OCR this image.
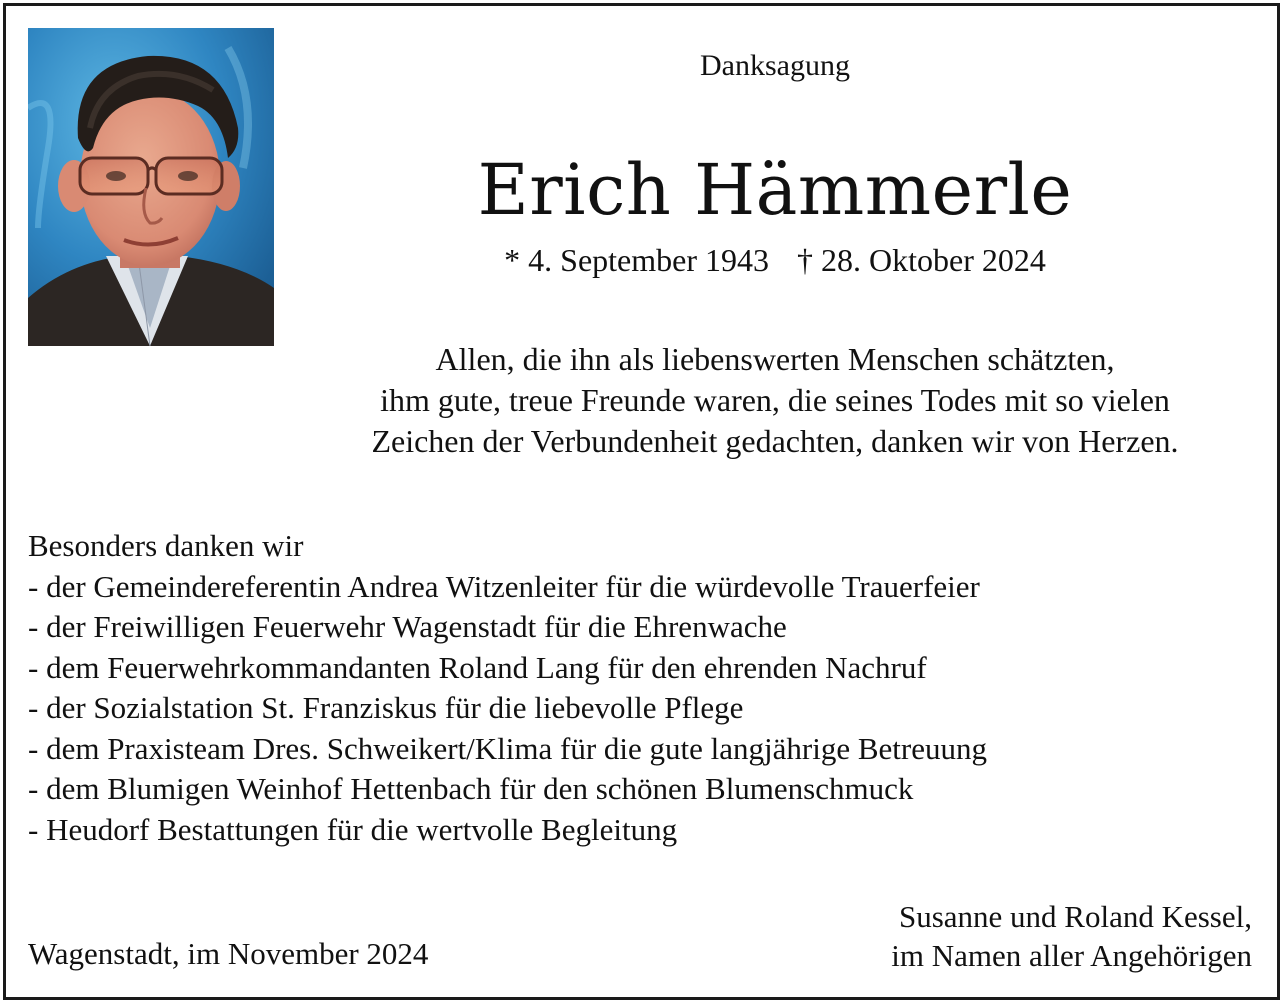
Danksagung
Erich Hämmerle
* 4. September 1943 † 28. Oktober 2024
Allen, die ihn als liebenswerten Menschen schätzten,
ihm gute, treue Freunde waren, die seines Todes mit so vielen
Zeichen der Verbundenheit gedachten, danken wir von Herzen.
Besonders danken wir
- der Gemeindereferentin Andrea Witzenleiter für die würdevolle Trauerfeier
- der Freiwilligen Feuerwehr Wagenstadt für die Ehrenwache
- dem Feuerwehrkommandanten Roland Lang für den ehrenden Nachruf
- der Sozialstation St. Franziskus für die liebevolle Pflege
- dem Praxisteam Dres. Schweikert/Klima für die gute langjährige Betreuung
- dem Blumigen Weinhof Hettenbach für den schönen Blumenschmuck
- Heudorf Bestattungen für die wertvolle Begleitung
Wagenstadt, im November 2024
Susanne und Roland Kessel,
im Namen aller Angehörigen
